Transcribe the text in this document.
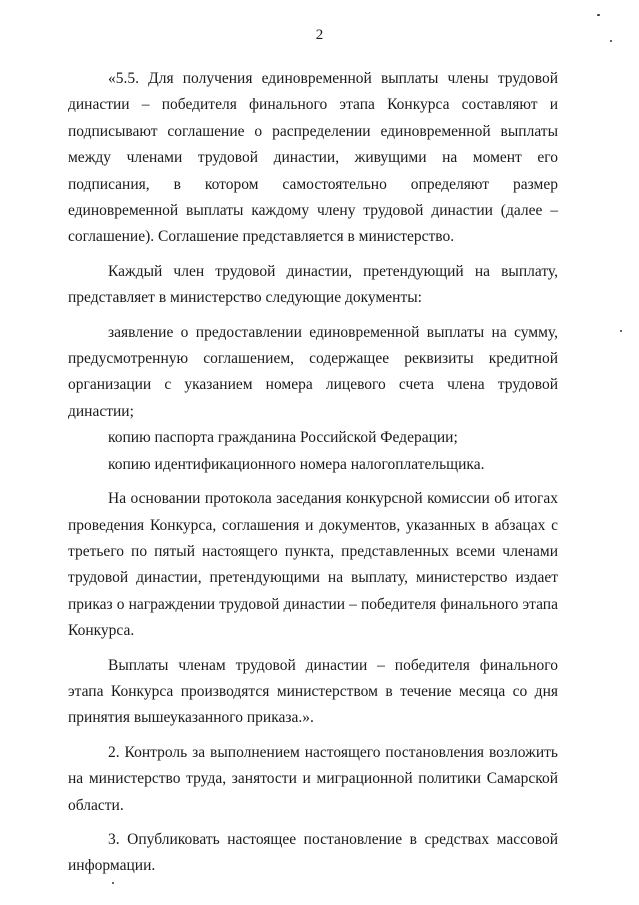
2

«5.5. Для получения единовременной выплаты члены трудовой династии – победителя финального этапа Конкурса составляют и подписывают соглашение о распределении единовременной выплаты между членами трудовой династии, живущими на момент его подписания, в котором самостоятельно определяют размер единовременной выплаты каждому члену трудовой династии (далее – соглашение). Соглашение представляется в министерство.

Каждый член трудовой династии, претендующий на выплату, представляет в министерство следующие документы:

заявление о предоставлении единовременной выплаты на сумму, предусмотренную соглашением, содержащее реквизиты кредитной организации с указанием номера лицевого счета члена трудовой династии;

копию паспорта гражданина Российской Федерации;

копию идентификационного номера налогоплательщика.

На основании протокола заседания конкурсной комиссии об итогах проведения Конкурса, соглашения и документов, указанных в абзацах с третьего по пятый настоящего пункта, представленных всеми членами трудовой династии, претендующими на выплату, министерство издает приказ о награждении трудовой династии – победителя финального этапа Конкурса.

Выплаты членам трудовой династии – победителя финального этапа Конкурса производятся министерством в течение месяца со дня принятия вышеуказанного приказа.».

2. Контроль за выполнением настоящего постановления возложить на министерство труда, занятости и миграционной политики Самарской области.

3. Опубликовать настоящее постановление в средствах массовой информации.
